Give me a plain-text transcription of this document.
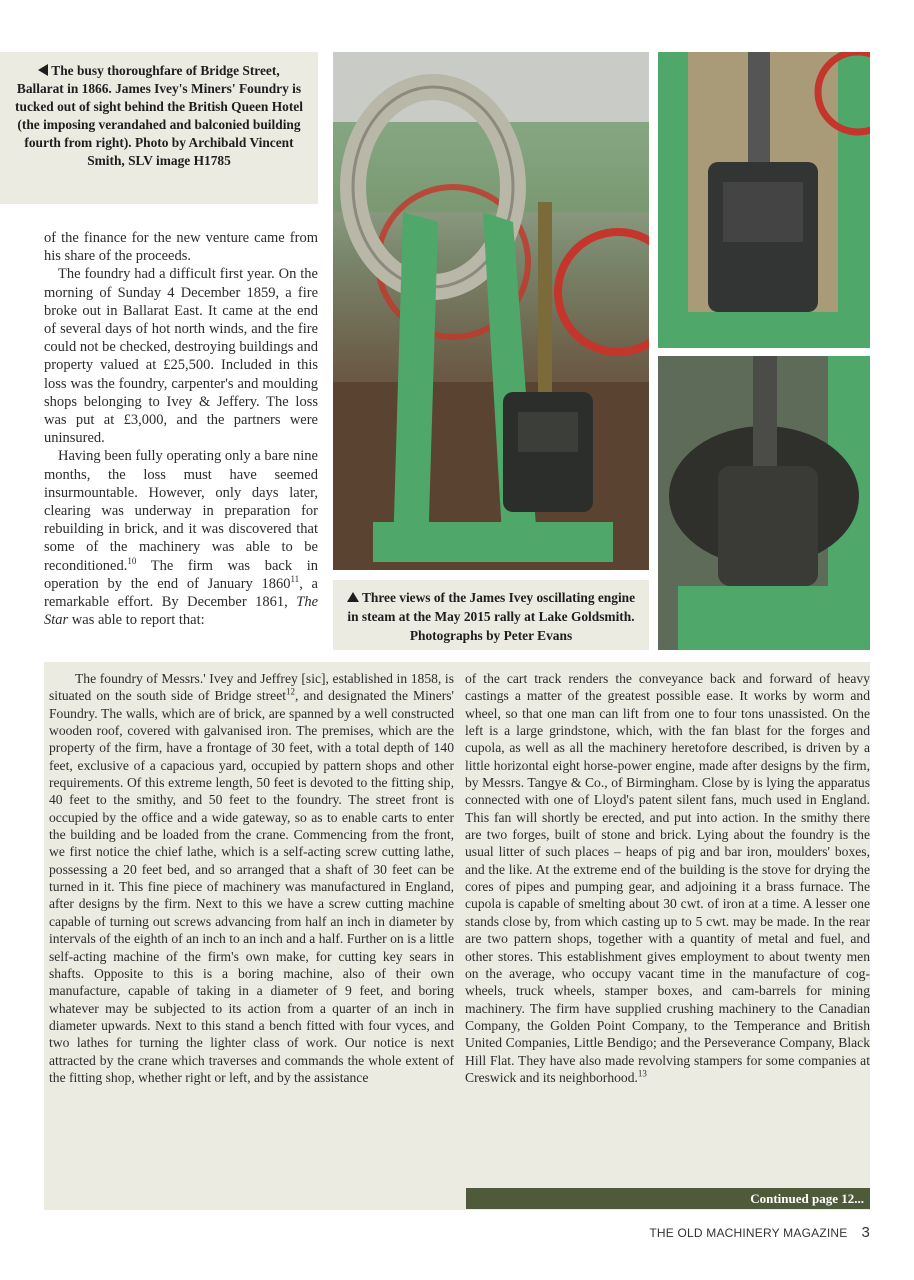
The busy thoroughfare of Bridge Street, Ballarat in 1866. James Ivey's Miners' Foundry is tucked out of sight behind the British Queen Hotel (the imposing verandahed and balconied building fourth from right). Photo by Archibald Vincent Smith, SLV image H1785
Three views of the James Ivey oscillating engine in steam at the May 2015 rally at Lake Goldsmith. Photographs by Peter Evans

of the finance for the new venture came from his share of the proceeds.

The foundry had a difficult first year. On the morning of Sunday 4 December 1859, a fire broke out in Ballarat East. It came at the end of several days of hot north winds, and the fire could not be checked, destroying buildings and property valued at £25,500. Included in this loss was the foundry, carpenter's and moulding shops belonging to Ivey & Jeffery. The loss was put at £3,000, and the partners were uninsured.

Having been fully operating only a bare nine months, the loss must have seemed insurmountable. However, only days later, clearing was underway in preparation for rebuilding in brick, and it was discovered that some of the machinery was able to be reconditioned.$^{10}$ The firm was back in operation by the end of January 1860$^{11}$, a remarkable effort. By December 1861, The Star was able to report that:

The foundry of Messrs.' Ivey and Jeffrey [sic], established in 1858, is situated on the south side of Bridge street$^{12}$, and designated the Miners' Foundry. The walls, which are of brick, are spanned by a well constructed wooden roof, covered with galvanised iron. The premises, which are the property of the firm, have a frontage of 30 feet, with a total depth of 140 feet, exclusive of a capacious yard, occupied by pattern shops and other requirements. Of this extreme length, 50 feet is devoted to the fitting ship, 40 feet to the smithy, and 50 feet to the foundry. The street front is occupied by the office and a wide gateway, so as to enable carts to enter the building and be loaded from the crane. Commencing from the front, we first notice the chief lathe, which is a self-acting screw cutting lathe, possessing a 20 feet bed, and so arranged that a shaft of 30 feet can be turned in it. This fine piece of machinery was manufactured in England, after designs by the firm. Next to this we have a screw cutting machine capable of turning out screws advancing from half an inch in diameter by intervals of the eighth of an inch to an inch and a half. Further on is a little self-acting machine of the firm's own make, for cutting key sears in shafts. Opposite to this is a boring machine, also of their own manufacture, capable of taking in a diameter of 9 feet, and boring whatever may be subjected to its action from a quarter of an inch in diameter upwards. Next to this stand a bench fitted with four vyces, and two lathes for turning the lighter class of work. Our notice is next attracted by the crane which traverses and commands the whole extent of the fitting shop, whether right or left, and by the assistance

of the cart track renders the conveyance back and forward of heavy castings a matter of the greatest possible ease. It works by worm and wheel, so that one man can lift from one to four tons unassisted. On the left is a large grindstone, which, with the fan blast for the forges and cupola, as well as all the machinery heretofore described, is driven by a little horizontal eight horse-power engine, made after designs by the firm, by Messrs. Tangye & Co., of Birmingham. Close by is lying the apparatus connected with one of Lloyd's patent silent fans, much used in England. This fan will shortly be erected, and put into action. In the smithy there are two forges, built of stone and brick. Lying about the foundry is the usual litter of such places – heaps of pig and bar iron, moulders' boxes, and the like. At the extreme end of the building is the stove for drying the cores of pipes and pumping gear, and adjoining it a brass furnace. The cupola is capable of smelting about 30 cwt. of iron at a time. A lesser one stands close by, from which casting up to 5 cwt. may be made. In the rear are two pattern shops, together with a quantity of metal and fuel, and other stores. This establishment gives employment to about twenty men on the average, who occupy vacant time in the manufacture of cog-wheels, truck wheels, stamper boxes, and cam-barrels for mining machinery. The firm have supplied crushing machinery to the Canadian Company, the Golden Point Company, to the Temperance and British United Companies, Little Bendigo; and the Perseverance Company, Black Hill Flat. They have also made revolving stampers for some companies at Creswick and its neighborhood.$^{13}$

Continued page 12...
THE OLD MACHINERY MAGAZINE 3
